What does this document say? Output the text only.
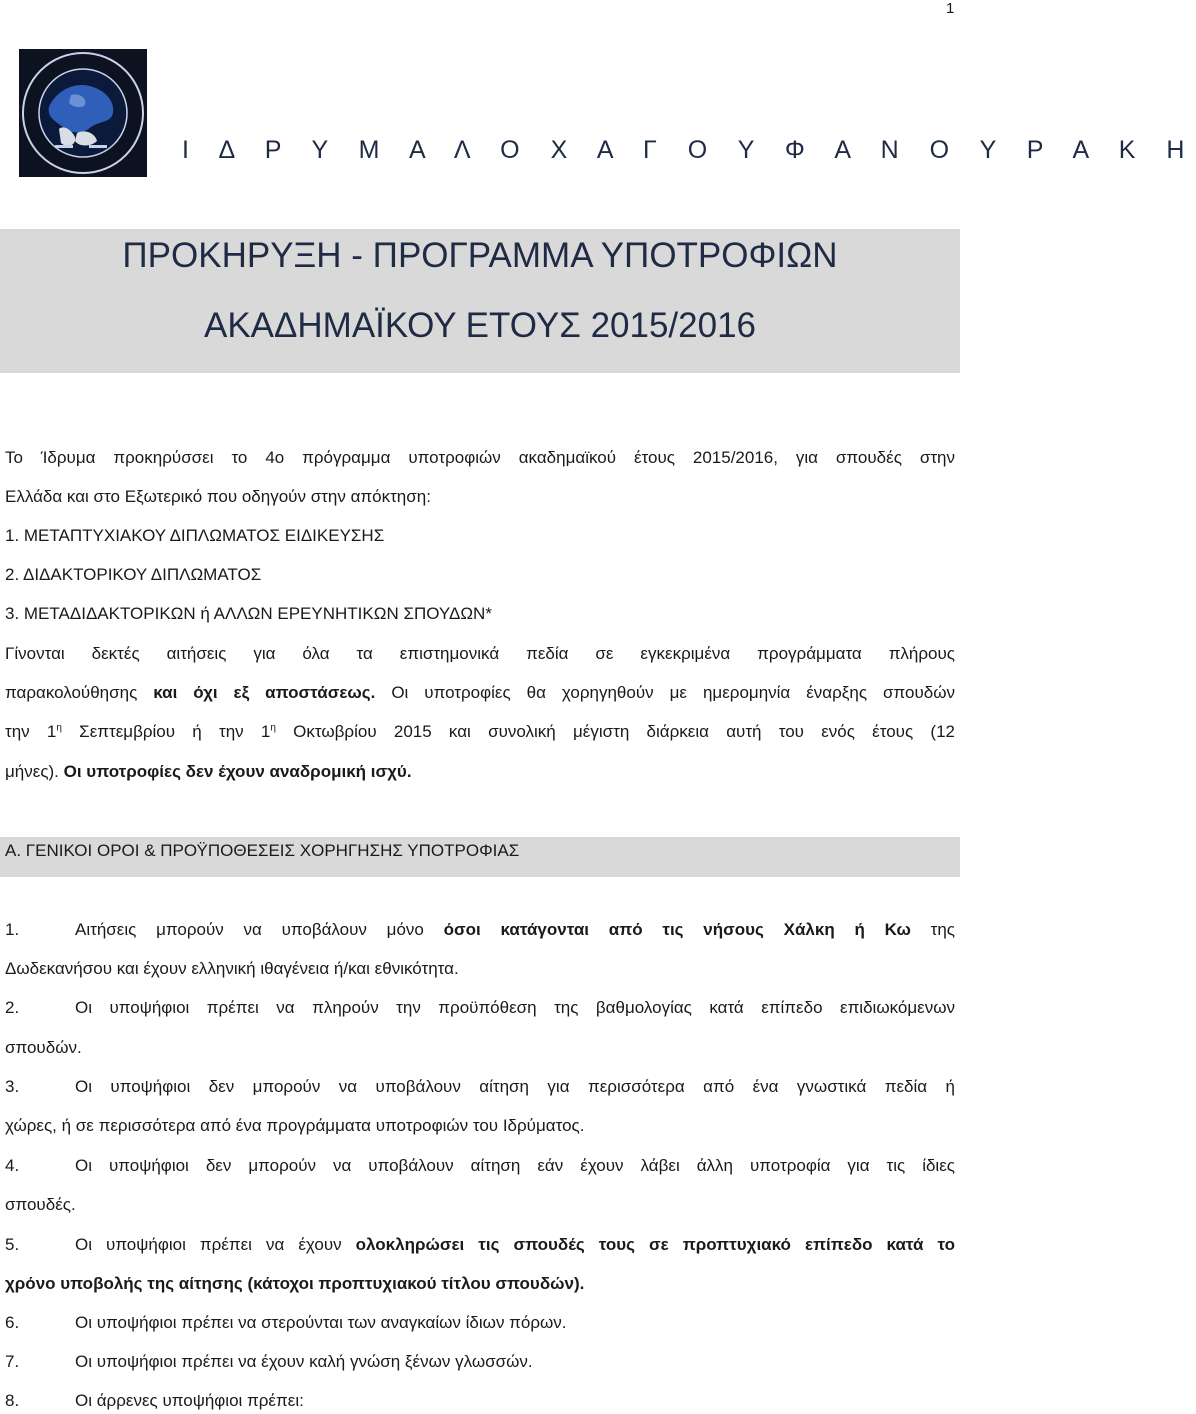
1
Ι Δ Ρ Υ Μ Α Λ Ο Χ Α Γ Ο Υ Φ Α Ν Ο Υ Ρ Α Κ Η
ΠΡΟΚΗΡΥΞΗ - ΠΡΟΓΡΑΜΜΑ ΥΠΟΤΡΟΦΙΩΝ
ΑΚΑΔΗΜΑΪΚΟΥ ΕΤΟΥΣ 2015/2016
Το Ίδρυμα προκηρύσσει το 4ο πρόγραμμα υποτροφιών ακαδημαϊκού έτους 2015/2016, για σπουδές στην
Ελλάδα και στο Εξωτερικό που οδηγούν στην απόκτηση:
1. ΜΕΤΑΠΤΥΧΙΑΚΟΥ ΔΙΠΛΩΜΑΤΟΣ ΕΙΔΙΚΕΥΣΗΣ
2. ΔΙΔΑΚΤΟΡΙΚΟΥ ΔΙΠΛΩΜΑΤΟΣ
3. ΜΕΤΑΔΙΔΑΚΤΟΡΙΚΩΝ ή ΑΛΛΩΝ ΕΡΕΥΝΗΤΙΚΩΝ ΣΠΟΥΔΩΝ*
Γίνονται δεκτές αιτήσεις για όλα τα επιστημονικά πεδία σε εγκεκριμένα προγράμματα πλήρους
παρακολούθησης και όχι εξ αποστάσεως. Οι υποτροφίες θα χορηγηθούν με ημερομηνία έναρξης σπουδών
την $1^\eta$ Σεπτεμβρίου ή την $1^\eta$ Οκτωβρίου 2015 και συνολική μέγιστη διάρκεια αυτή του ενός έτους (12
μήνες). Οι υποτροφίες δεν έχουν αναδρομική ισχύ.
Α. ΓΕΝΙΚΟΙ ΟΡΟΙ & ΠΡΟΫΠΟΘΕΣΕΙΣ ΧΟΡΗΓΗΣΗΣ ΥΠΟΤΡΟΦΙΑΣ
1.	Αιτήσεις μπορούν να υποβάλουν μόνο όσοι κατάγονται από τις νήσους Χάλκη ή Κω της
Δωδεκανήσου και έχουν ελληνική ιθαγένεια ή/και εθνικότητα.
2.	Οι υποψήφιοι πρέπει να πληρούν την προϋπόθεση της βαθμολογίας κατά επίπεδο επιδιωκόμενων
σπουδών.
3.	Οι υποψήφιοι δεν μπορούν να υποβάλουν αίτηση για περισσότερα από ένα γνωστικά πεδία ή
χώρες, ή σε περισσότερα από ένα προγράμματα υποτροφιών του Ιδρύματος.
4.	Οι υποψήφιοι δεν μπορούν να υποβάλουν αίτηση εάν έχουν λάβει άλλη υποτροφία για τις ίδιες
σπουδές.
5.	Οι υποψήφιοι πρέπει να έχουν ολοκληρώσει τις σπουδές τους σε προπτυχιακό επίπεδο κατά το
χρόνο υποβολής της αίτησης (κάτοχοι προπτυχιακού τίτλου σπουδών).
6.	Οι υποψήφιοι πρέπει να στερούνται των αναγκαίων ίδιων πόρων.
7.	Οι υποψήφιοι πρέπει να έχουν καλή γνώση ξένων γλωσσών.
8.	Οι άρρενες υποψήφιοι πρέπει:
